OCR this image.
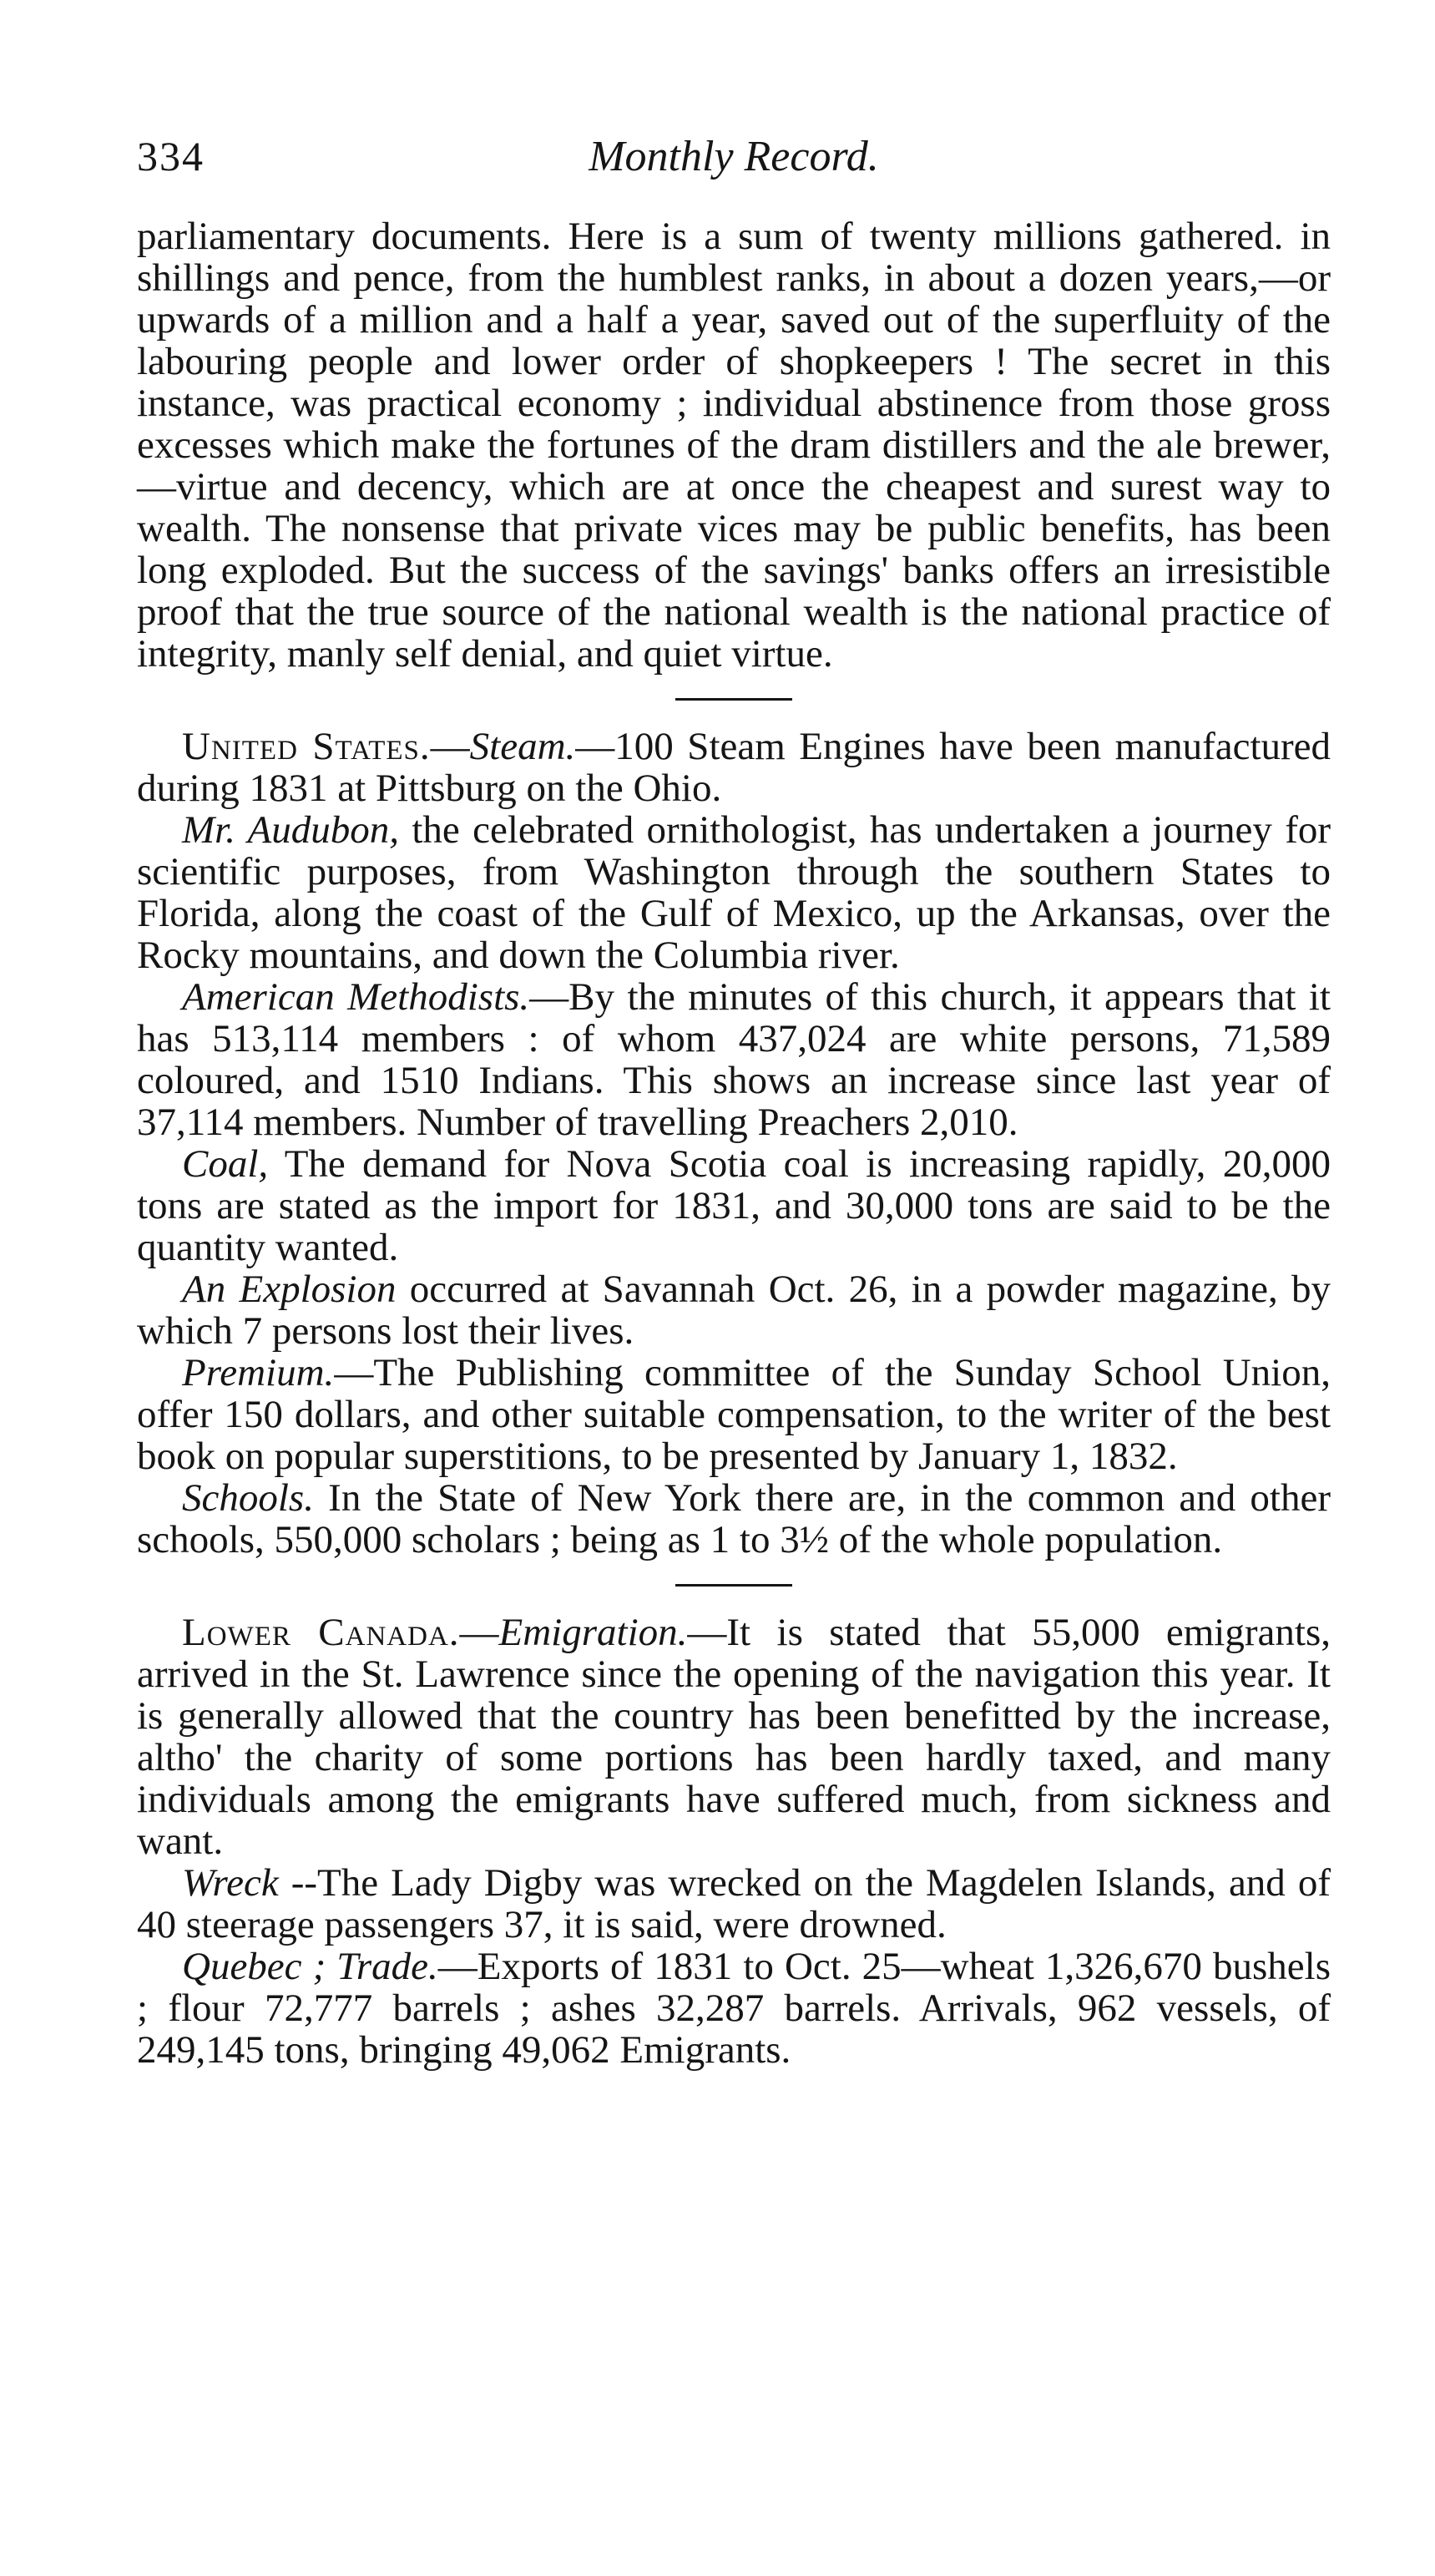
334	Monthly Record.

parliamentary documents. Here is a sum of twenty millions gathered. in shillings and pence, from the humblest ranks, in about a dozen years,—or upwards of a million and a half a year, saved out of the superfluity of the labouring people and lower order of shopkeepers ! The secret in this instance, was practical economy ; individual abstinence from those gross excesses which make the fortunes of the dram distillers and the ale brewer,—virtue and decency, which are at once the cheapest and surest way to wealth. The nonsense that private vices may be public benefits, has been long exploded. But the success of the savings' banks offers an irresistible proof that the true source of the national wealth is the national practice of integrity, manly self denial, and quiet virtue.

United States.—Steam.—100 Steam Engines have been manufactured during 1831 at Pittsburg on the Ohio.

Mr. Audubon, the celebrated ornithologist, has undertaken a journey for scientific purposes, from Washington through the southern States to Florida, along the coast of the Gulf of Mexico, up the Arkansas, over the Rocky mountains, and down the Columbia river.

American Methodists.—By the minutes of this church, it appears that it has 513,114 members : of whom 437,024 are white persons, 71,589 coloured, and 1510 Indians. This shows an increase since last year of 37,114 members. Number of travelling Preachers 2,010.

Coal, The demand for Nova Scotia coal is increasing rapidly, 20,000 tons are stated as the import for 1831, and 30,000 tons are said to be the quantity wanted.

An Explosion occurred at Savannah Oct. 26, in a powder magazine, by which 7 persons lost their lives.

Premium.—The Publishing committee of the Sunday School Union, offer 150 dollars, and other suitable compensation, to the writer of the best book on popular superstitions, to be presented by January 1, 1832.

Schools. In the State of New York there are, in the common and other schools, 550,000 scholars ; being as 1 to 3½ of the whole population.

Lower Canada.—Emigration.—It is stated that 55,000 emigrants, arrived in the St. Lawrence since the opening of the navigation this year. It is generally allowed that the country has been benefitted by the increase, altho' the charity of some portions has been hardly taxed, and many individuals among the emigrants have suffered much, from sickness and want.

Wreck --The Lady Digby was wrecked on the Magdelen Islands, and of 40 steerage passengers 37, it is said, were drowned.

Quebec ; Trade.—Exports of 1831 to Oct. 25—wheat 1,326,670 bushels ; flour 72,777 barrels ; ashes 32,287 barrels. Arrivals, 962 vessels, of 249,145 tons, bringing 49,062 Emigrants.
